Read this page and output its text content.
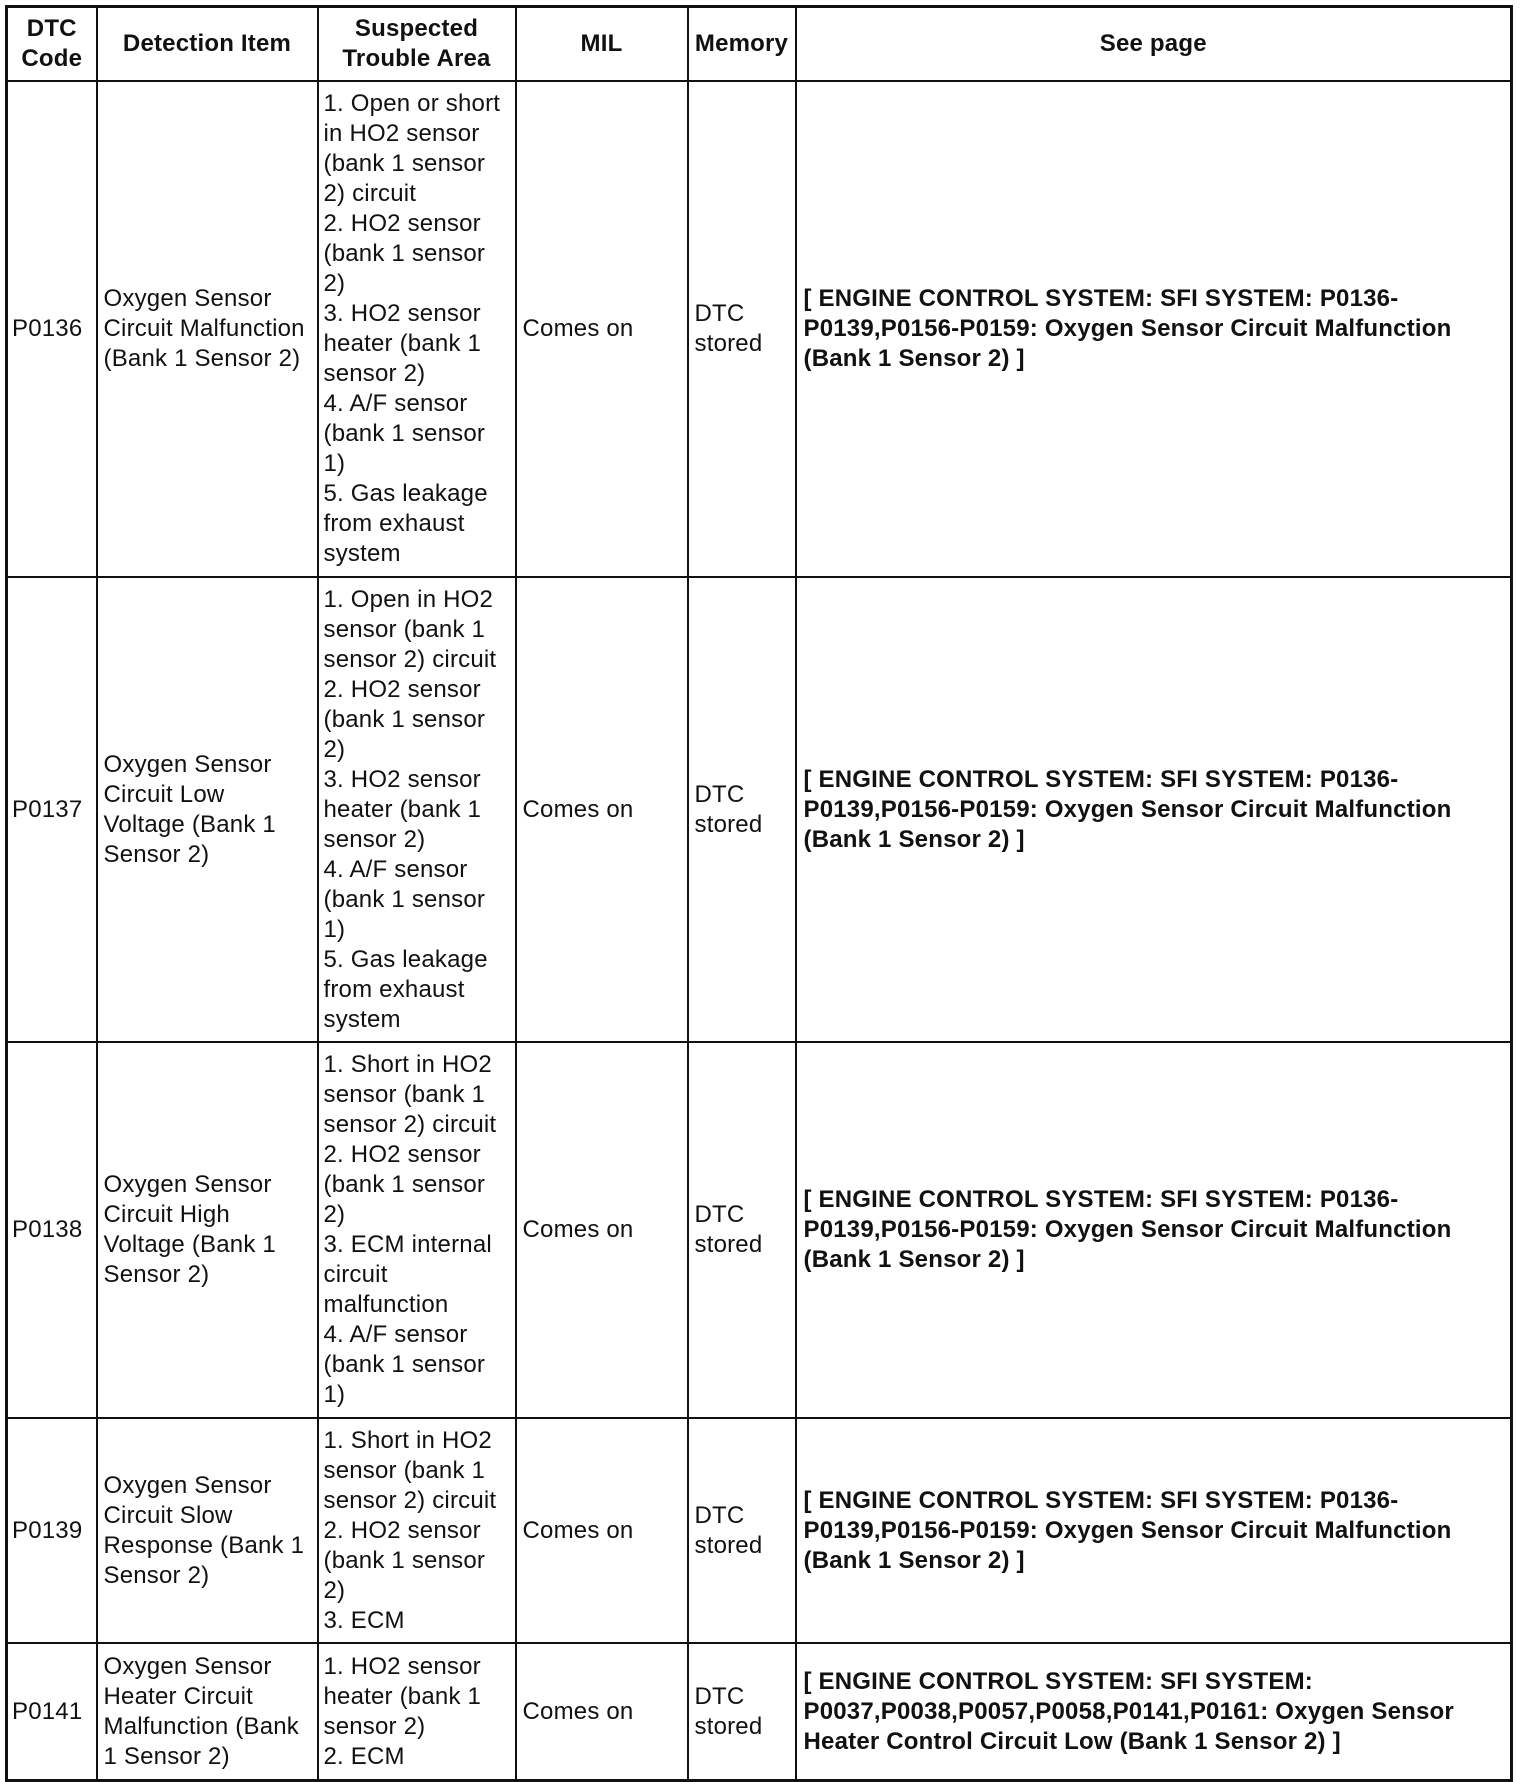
DTC Code	Detection Item	Suspected Trouble Area	MIL	Memory	See page
P0136	Oxygen Sensor Circuit Malfunction (Bank 1 Sensor 2)	1. Open or short in HO2 sensor (bank 1 sensor 2) circuit
2. HO2 sensor (bank 1 sensor 2)
3. HO2 sensor heater (bank 1 sensor 2)
4. A/F sensor (bank 1 sensor 1)
5. Gas leakage from exhaust system	Comes on	DTC stored	[ ENGINE CONTROL SYSTEM: SFI SYSTEM: P0136-P0139,P0156-P0159: Oxygen Sensor Circuit Malfunction (Bank 1 Sensor 2) ]
P0137	Oxygen Sensor Circuit Low Voltage (Bank 1 Sensor 2)	1. Open in HO2 sensor (bank 1 sensor 2) circuit
2. HO2 sensor (bank 1 sensor 2)
3. HO2 sensor heater (bank 1 sensor 2)
4. A/F sensor (bank 1 sensor 1)
5. Gas leakage from exhaust system	Comes on	DTC stored	[ ENGINE CONTROL SYSTEM: SFI SYSTEM: P0136-P0139,P0156-P0159: Oxygen Sensor Circuit Malfunction (Bank 1 Sensor 2) ]
P0138	Oxygen Sensor Circuit High Voltage (Bank 1 Sensor 2)	1. Short in HO2 sensor (bank 1 sensor 2) circuit
2. HO2 sensor (bank 1 sensor 2)
3. ECM internal circuit malfunction
4. A/F sensor (bank 1 sensor 1)	Comes on	DTC stored	[ ENGINE CONTROL SYSTEM: SFI SYSTEM: P0136-P0139,P0156-P0159: Oxygen Sensor Circuit Malfunction (Bank 1 Sensor 2) ]
P0139	Oxygen Sensor Circuit Slow Response (Bank 1 Sensor 2)	1. Short in HO2 sensor (bank 1 sensor 2) circuit
2. HO2 sensor (bank 1 sensor 2)
3. ECM	Comes on	DTC stored	[ ENGINE CONTROL SYSTEM: SFI SYSTEM: P0136-P0139,P0156-P0159: Oxygen Sensor Circuit Malfunction (Bank 1 Sensor 2) ]
P0141	Oxygen Sensor Heater Circuit Malfunction (Bank 1 Sensor 2)	1. HO2 sensor heater (bank 1 sensor 2)
2. ECM	Comes on	DTC stored	[ ENGINE CONTROL SYSTEM: SFI SYSTEM: P0037,P0038,P0057,P0058,P0141,P0161: Oxygen Sensor Heater Control Circuit Low (Bank 1 Sensor 2) ]
